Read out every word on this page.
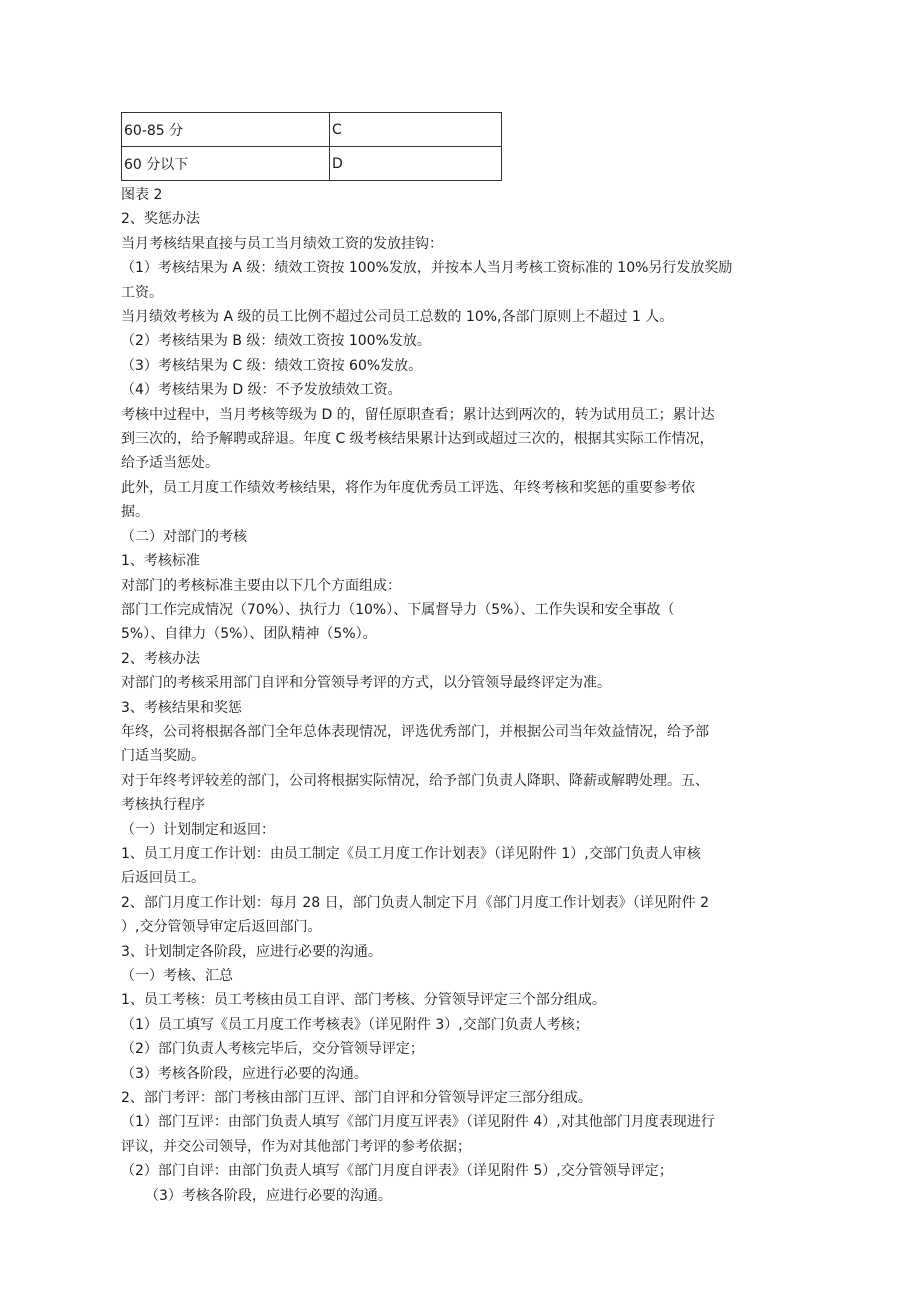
60-85 分	C
60 分以下	D

图表 2

2、奖惩办法

当月考核结果直接与员工当月绩效工资的发放挂钩：

（1）考核结果为 A 级：绩效工资按 100%发放，并按本人当月考核工资标准的 10%另行发放奖励

工资。

当月绩效考核为 A 级的员工比例不超过公司员工总数的 10%,各部门原则上不超过 1 人。

（2）考核结果为 B 级：绩效工资按 100%发放。

（3）考核结果为 C 级：绩效工资按 60%发放。

（4）考核结果为 D 级：不予发放绩效工资。

考核中过程中，当月考核等级为 D 的，留任原职查看；累计达到两次的，转为试用员工；累计达

到三次的，给予解聘或辞退。年度 C 级考核结果累计达到或超过三次的，根据其实际工作情况，

给予适当惩处。

此外，员工月度工作绩效考核结果，将作为年度优秀员工评选、年终考核和奖惩的重要参考依

据。

（二）对部门的考核

1、考核标准

对部门的考核标准主要由以下几个方面组成：

部门工作完成情况（70%）、执行力（10%）、下属督导力（5%）、工作失误和安全事故（

5%）、自律力（5%）、团队精神（5%）。

2、考核办法

对部门的考核采用部门自评和分管领导考评的方式，以分管领导最终评定为准。

3、考核结果和奖惩

年终，公司将根据各部门全年总体表现情况，评选优秀部门，并根据公司当年效益情况，给予部

门适当奖励。

对于年终考评较差的部门，公司将根据实际情况，给予部门负责人降职、降薪或解聘处理。五、

考核执行程序

（一）计划制定和返回：

1、员工月度工作计划：由员工制定《员工月度工作计划表》（详见附件 1）,交部门负责人审核

后返回员工。

2、部门月度工作计划：每月 28 日，部门负责人制定下月《部门月度工作计划表》（详见附件 2

）,交分管领导审定后返回部门。

3、计划制定各阶段，应进行必要的沟通。

（一）考核、汇总

1、员工考核：员工考核由员工自评、部门考核、分管领导评定三个部分组成。

（1）员工填写《员工月度工作考核表》（详见附件 3）,交部门负责人考核；

（2）部门负责人考核完毕后，交分管领导评定；

（3）考核各阶段，应进行必要的沟通。

2、部门考评：部门考核由部门互评、部门自评和分管领导评定三部分组成。

（1）部门互评：由部门负责人填写《部门月度互评表》（详见附件 4）,对其他部门月度表现进行

评议，并交公司领导，作为对其他部门考评的参考依据；

（2）部门自评：由部门负责人填写《部门月度自评表》（详见附件 5）,交分管领导评定；

（3）考核各阶段，应进行必要的沟通。
